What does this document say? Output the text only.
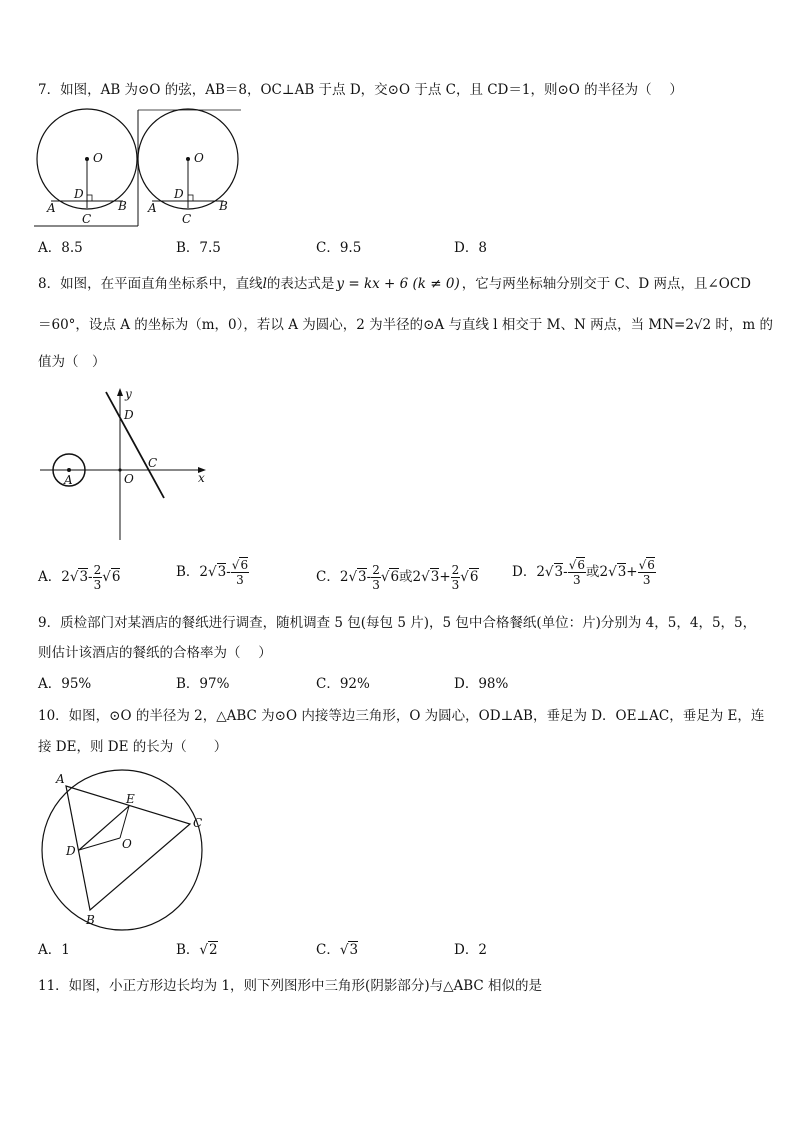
7．如图，AB 为⊙O 的弦，AB＝8，OC⊥AB 于点 D，交⊙O 于点 C，且 CD＝1，则⊙O 的半径为（　 ）
O
D
A	B
C
O
D
A	B
C
A．8.5	B．7.5	C．9.5	D．8
8．如图，在平面直角坐标系中，直线l的表达式是 y = kx + 6 (k ≠ 0) ，它与两坐标轴分别交于 C、D 两点，且∠OCD
＝60°，设点 A 的坐标为（m，0），若以 A 为圆心，2 为半径的⊙A 与直线 l 相交于 M、N 两点，当 MN=2√2 时，m 的
值为（　）
y
x
D
C
O
A
A．$2√3- \frac{2}{3} √6$	B．$2√3- \frac{√6}{3}$	C．$2√3- \frac{2}{3} √6$或$2√3+ \frac{2}{3} √6$ D．$2√3- \frac{√6}{3}$ 或$2√3+ \frac{√6}{3}$
9．质检部门对某酒店的餐纸进行调查，随机调查 5 包(每包 5 片)，5 包中合格餐纸(单位：片)分别为 4，5，4，5，5，
则估计该酒店的餐纸的合格率为（　 ）
A．95%	B．97%	C．92%	D．98%
10．如图，⊙O 的半径为 2，△ABC 为⊙O 内接等边三角形，O 为圆心，OD⊥AB，垂足为 D．OE⊥AC，垂足为 E，连
接 DE，则 DE 的长为（　　）
A
E
C
D	O
B
A．1	B．√2	C．√3	D．2
11．如图，小正方形边长均为 1，则下列图形中三角形(阴影部分)与△ABC 相似的是
